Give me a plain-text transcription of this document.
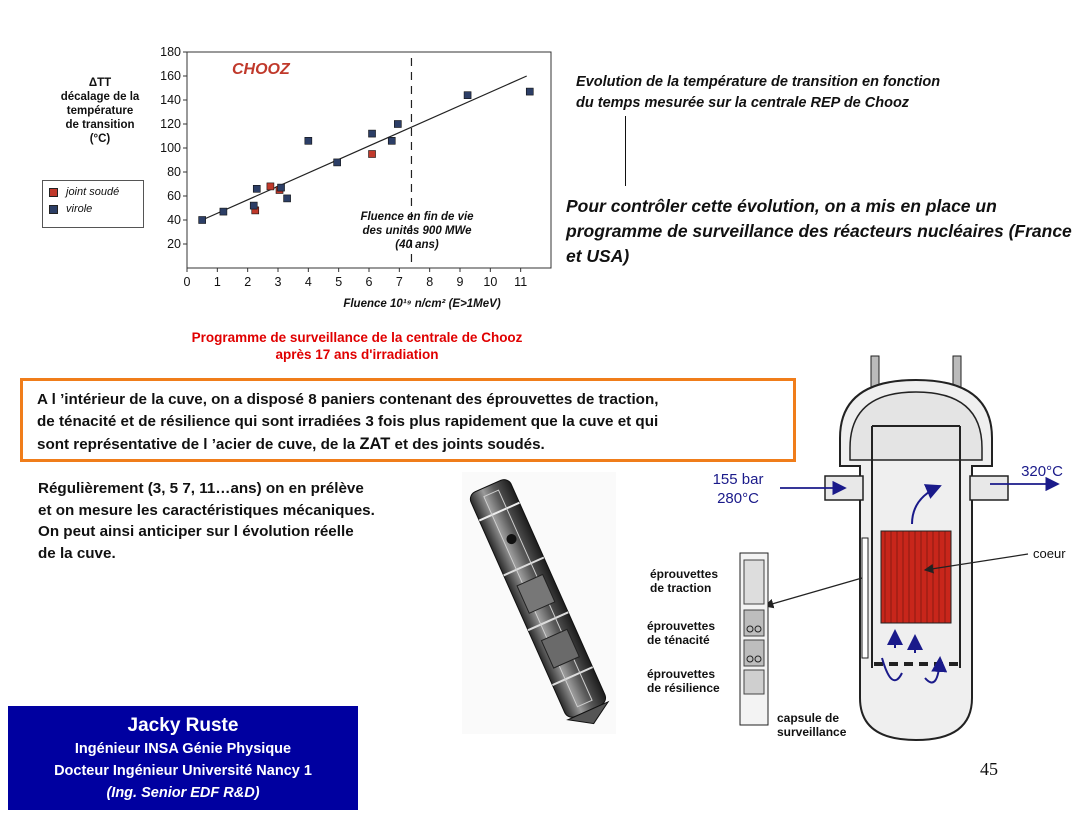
ΔTT
décalage de la
température
de transition
(°C)
joint soudé
virole
0 1 2 3 4 5 6 7 8 9 10 11
20
40
60
80
100
120
140
160
180
CHOOZ
Fluence en fin de vie
des unités 900 MWe
(40 ans)
Fluence 10¹⁹ n/cm² (E>1MeV)
Programme de surveillance de la centrale de Chooz
après 17 ans d'irradiation
Evolution de la température de transition en fonction
du temps mesurée sur la centrale REP de Chooz
Pour contrôler cette évolution, on a mis en place un programme de surveillance des réacteurs nucléaires (France et USA)
A l ’intérieur de la cuve, on a disposé 8 paniers contenant des éprouvettes de traction,
de ténacité et de résilience qui sont irradiées 3 fois plus rapidement que la cuve et qui
sont représentative de l ’acier de cuve, de la ZAT et des joints soudés.
Régulièrement (3, 5 7, 11…ans) on en prélève
et on mesure les caractéristiques mécaniques.
On peut ainsi anticiper sur l évolution réelle
de la cuve.
155 bar
280°C
320°C
coeur
éprouvettes
de traction
éprouvettes
de ténacité
éprouvettes
de résilience
capsule de
surveillance
Jacky Ruste
Ingénieur INSA Génie Physique
Docteur Ingénieur Université Nancy 1
(Ing. Senior EDF R&D)
45
